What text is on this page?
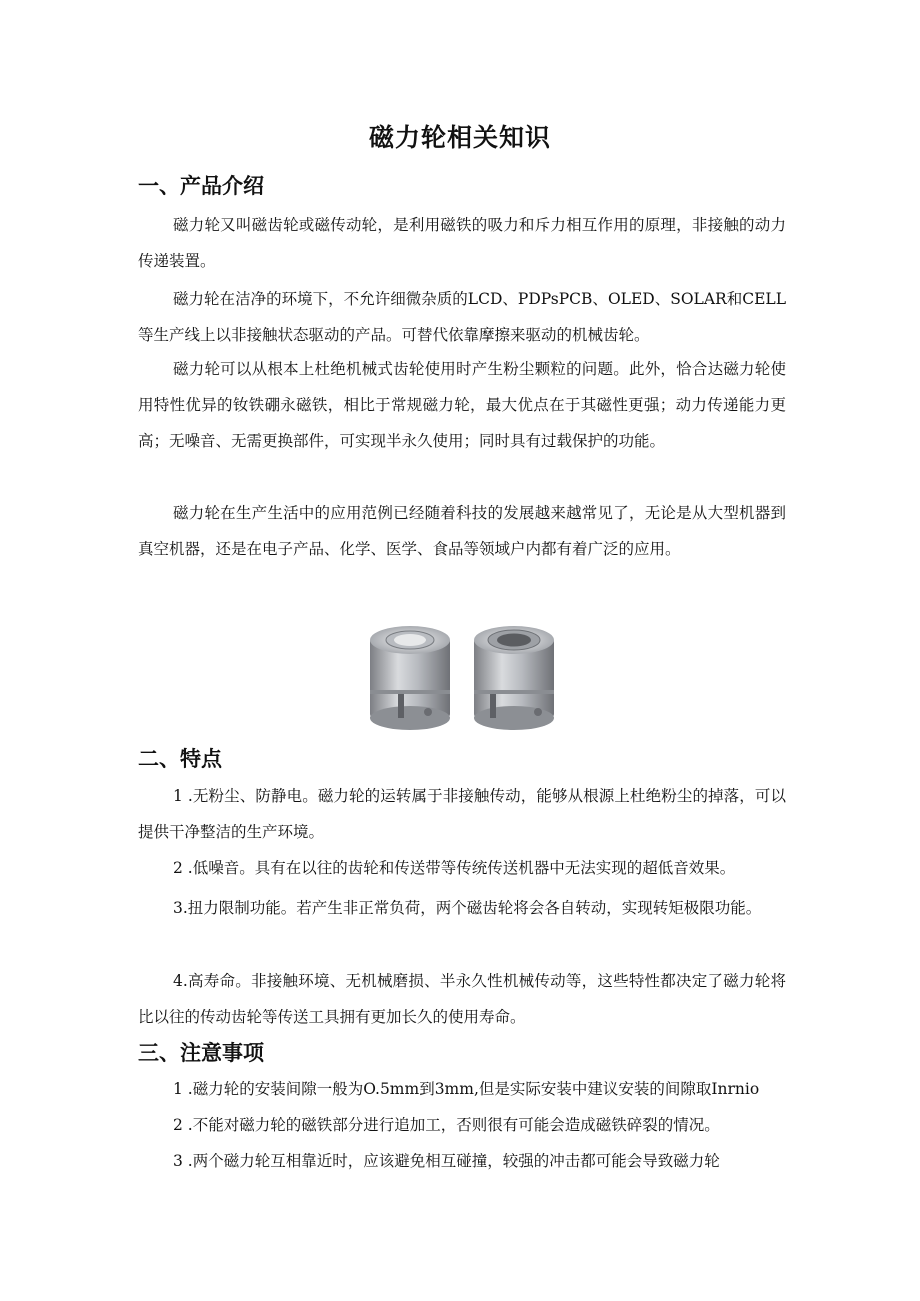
磁力轮相关知识
一、产品介绍

磁力轮又叫磁齿轮或磁传动轮，是利用磁铁的吸力和斥力相互作用的原理，非接触的动力传递装置。

磁力轮在洁净的环境下，不允许细微杂质的LCD、PDPsPCB、OLED、SOLAR和CELL等生产线上以非接触状态驱动的产品。可替代依靠摩擦来驱动的机械齿轮。

磁力轮可以从根本上杜绝机械式齿轮使用时产生粉尘颗粒的问题。此外，恰合达磁力轮使用特性优异的钕铁硼永磁铁，相比于常规磁力轮，最大优点在于其磁性更强；动力传递能力更高；无噪音、无需更换部件，可实现半永久使用；同时具有过载保护的功能。

磁力轮在生产生活中的应用范例已经随着科技的发展越来越常见了，无论是从大型机器到真空机器，还是在电子产品、化学、医学、食品等领域户内都有着广泛的应用。

二、特点

1 .无粉尘、防静电。磁力轮的运转属于非接触传动，能够从根源上杜绝粉尘的掉落，可以提供干净整洁的生产环境。

2 .低噪音。具有在以往的齿轮和传送带等传统传送机器中无法实现的超低音效果。

3.扭力限制功能。若产生非正常负荷，两个磁齿轮将会各自转动，实现转矩极限功能。

4.高寿命。非接触环境、无机械磨损、半永久性机械传动等，这些特性都决定了磁力轮将比以往的传动齿轮等传送工具拥有更加长久的使用寿命。

三、注意事项

1 .磁力轮的安装间隙一般为O.5mm到3mm,但是实际安装中建议安装的间隙取Inrnio

2 .不能对磁力轮的磁铁部分进行追加工，否则很有可能会造成磁铁碎裂的情况。

3 .两个磁力轮互相靠近时，应该避免相互碰撞，较强的冲击都可能会导致磁力轮
